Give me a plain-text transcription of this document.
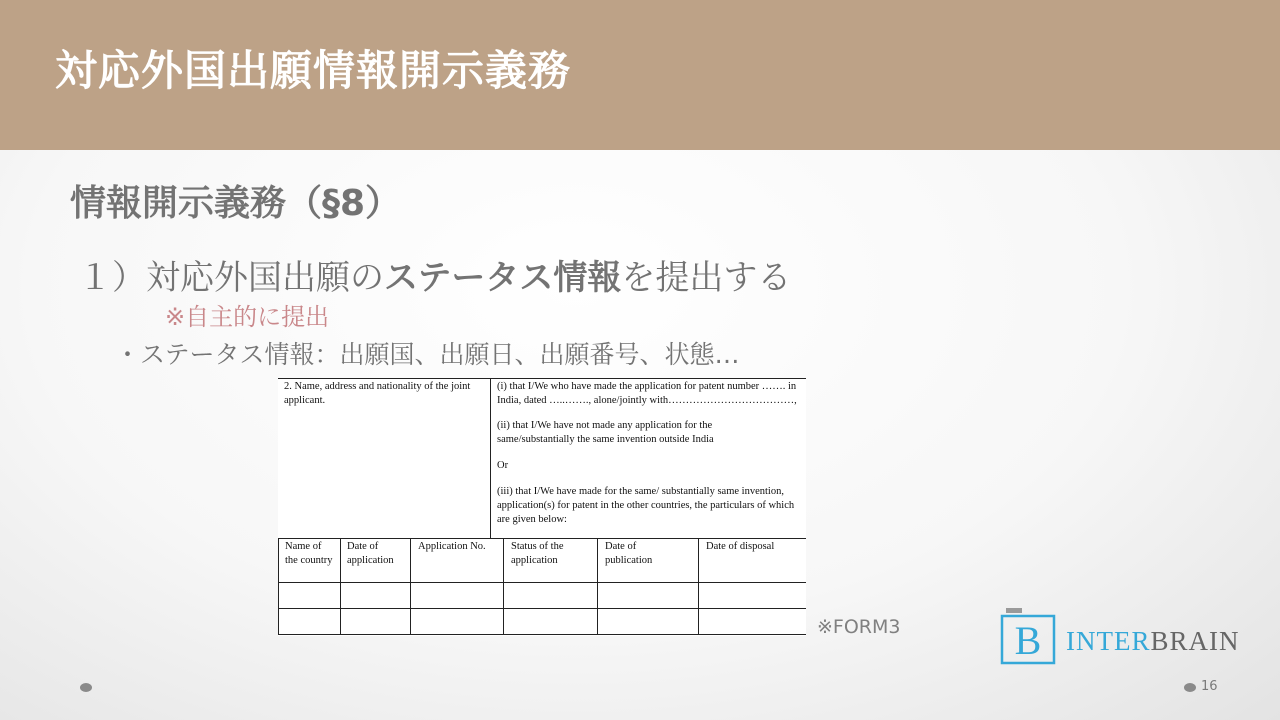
対応外国出願情報開示義務
情報開示義務（§8）
１）対応外国出願のステータス情報を提出する
※自主的に提出
・ステータス情報：出願国、出願日、出願番号、状態…
2. Name, address and nationality of the joint applicant.
(i) that I/We who have made the application for patent number ……. in India, dated …..……., alone/jointly with………………………………,
(ii) that I/We have not made any application for the same/substantially the same invention outside India
Or
(iii) that I/We have made for the same/ substantially same invention, application(s) for patent in the other countries, the particulars of which are given below:
Name of the country
Date of application
Application No.	Status of the application
Date of publication
Date of disposal
※FORM3	B INTERBRAIN
16
